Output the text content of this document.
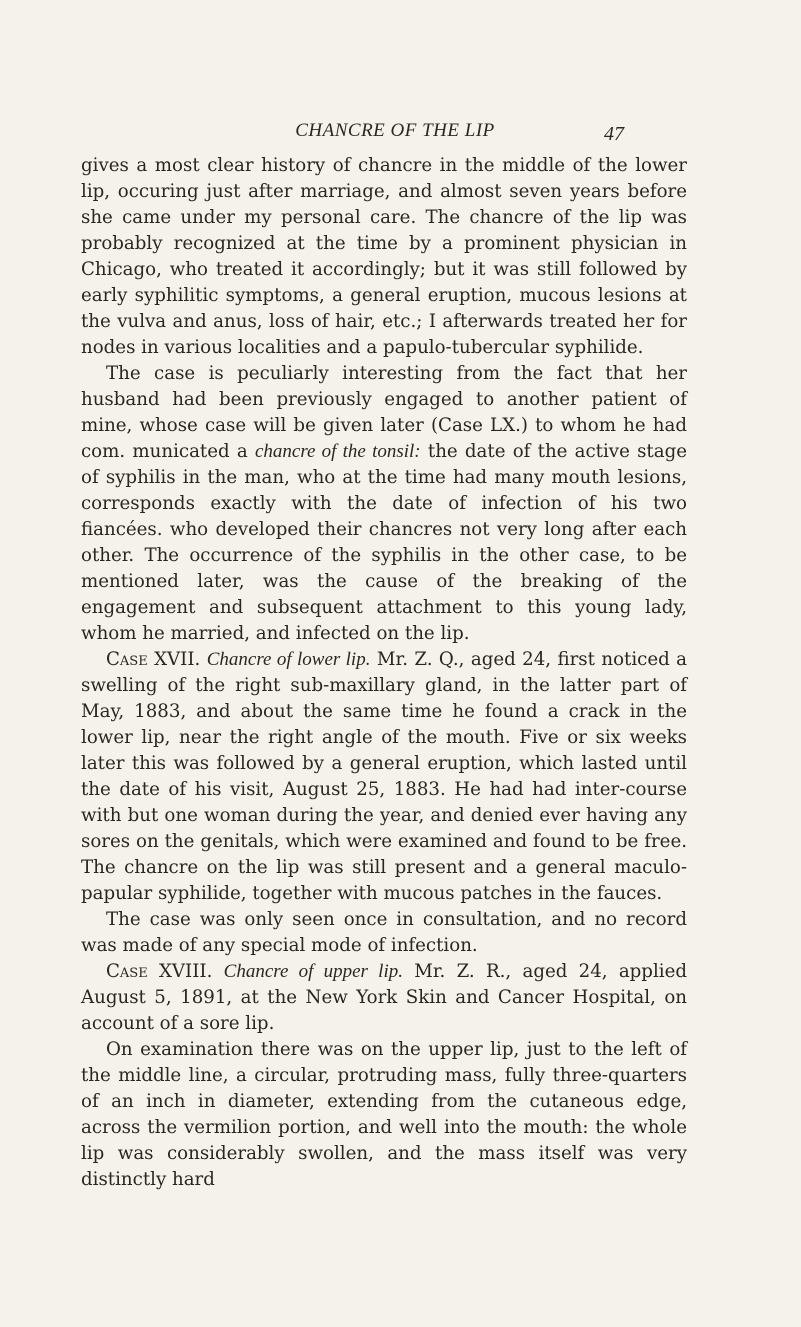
CHANCRE OF THE LIP	47

gives a most clear history of chancre in the middle of the lower lip, occuring just after marriage, and almost seven years before she came under my personal care. The chancre of the lip was probably recognized at the time by a prominent physician in Chicago, who treated it accordingly; but it was still followed by early syphilitic symptoms, a general eruption, mucous lesions at the vulva and anus, loss of hair, etc.; I afterwards treated her for nodes in various localities and a papulo-tubercular syphilide.

The case is peculiarly interesting from the fact that her husband had been previously engaged to another patient of mine, whose case will be given later (Case LX.) to whom he had com. municated a chancre of the tonsil: the date of the active stage of syphilis in the man, who at the time had many mouth lesions, corresponds exactly with the date of infection of his two fiancées. who developed their chancres not very long after each other. The occurrence of the syphilis in the other case, to be mentioned later, was the cause of the breaking of the engagement and subsequent attachment to this young lady, whom he married, and infected on the lip.

Case XVII. Chancre of lower lip. Mr. Z. Q., aged 24, first noticed a swelling of the right sub-maxillary gland, in the latter part of May, 1883, and about the same time he found a crack in the lower lip, near the right angle of the mouth. Five or six weeks later this was followed by a general eruption, which lasted until the date of his visit, August 25, 1883. He had had inter-course with but one woman during the year, and denied ever having any sores on the genitals, which were examined and found to be free. The chancre on the lip was still present and a general maculo-papular syphilide, together with mucous patches in the fauces.

The case was only seen once in consultation, and no record was made of any special mode of infection.

Case XVIII. Chancre of upper lip. Mr. Z. R., aged 24, applied August 5, 1891, at the New York Skin and Cancer Hospital, on account of a sore lip.

On examination there was on the upper lip, just to the left of the middle line, a circular, protruding mass, fully three-quarters of an inch in diameter, extending from the cutaneous edge, across the vermilion portion, and well into the mouth: the whole lip was considerably swollen, and the mass itself was very distinctly hard
